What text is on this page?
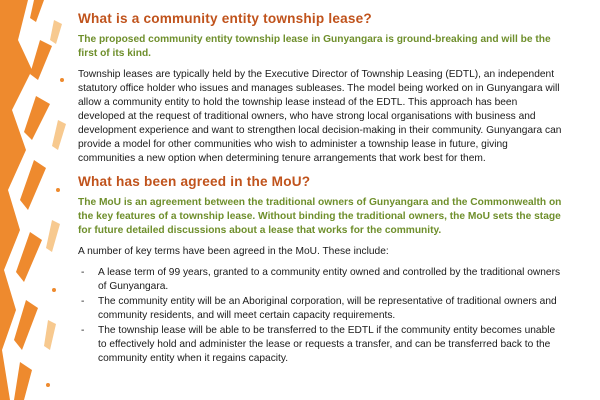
What is a community entity township lease?

The proposed community entity township lease in Gunyangara is ground-breaking and will be the first of its kind.

Township leases are typically held by the Executive Director of Township Leasing (EDTL), an independent statutory office holder who issues and manages subleases. The model being worked on in Gunyangara will allow a community entity to hold the township lease instead of the EDTL. This approach has been developed at the request of traditional owners, who have strong local organisations with business and development experience and want to strengthen local decision-making in their community. Gunyangara can provide a model for other communities who wish to administer a township lease in future, giving communities a new option when determining tenure arrangements that work best for them.

What has been agreed in the MoU?

The MoU is an agreement between the traditional owners of Gunyangara and the Commonwealth on the key features of a township lease. Without binding the traditional owners, the MoU sets the stage for future detailed discussions about a lease that works for the community.

A number of key terms have been agreed in the MoU. These include:

- A lease term of 99 years, granted to a community entity owned and controlled by the traditional owners of Gunyangara.
- The community entity will be an Aboriginal corporation, will be representative of traditional owners and community residents, and will meet certain capacity requirements.
- The township lease will be able to be transferred to the EDTL if the community entity becomes unable to effectively hold and administer the lease or requests a transfer, and can be transferred back to the community entity when it regains capacity.
